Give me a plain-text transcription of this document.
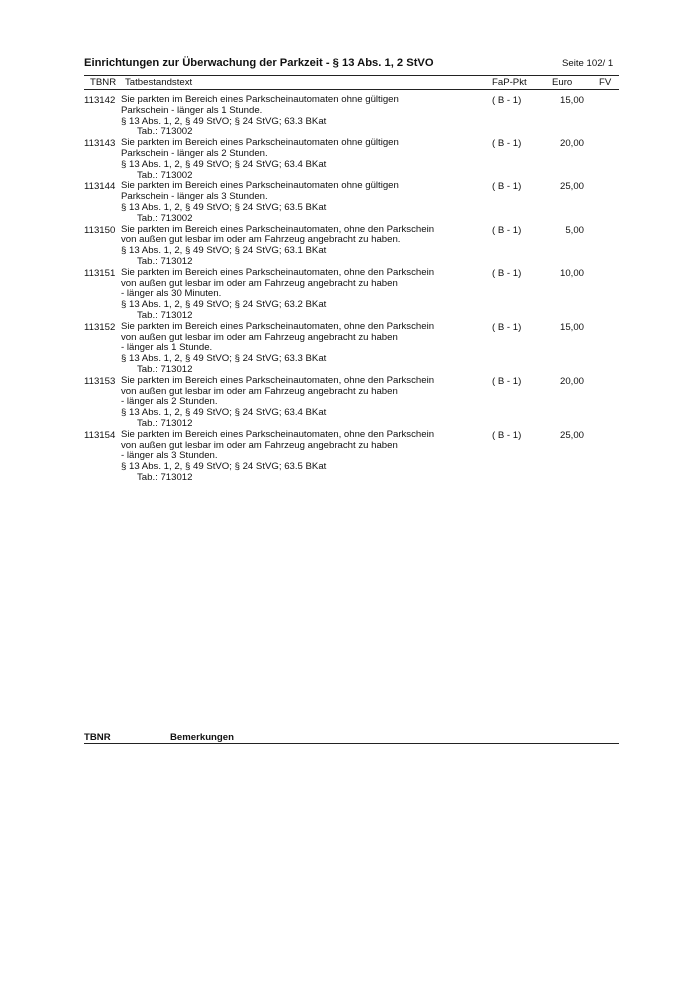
Einrichtungen zur Überwachung der Parkzeit - § 13 Abs. 1, 2 StVO	Seite 102/ 1
TBNR Tatbestandstext	FaP-Pkt	Euro	FV
113142 Sie parkten im Bereich eines Parkscheinautomaten ohne gültigen
Parkschein - länger als 1 Stunde.
§ 13 Abs. 1, 2, § 49 StVO; § 24 StVG; 63.3 BKat
Tab.: 713002
( B - 1)	15,00
113143 Sie parkten im Bereich eines Parkscheinautomaten ohne gültigen
Parkschein - länger als 2 Stunden.
§ 13 Abs. 1, 2, § 49 StVO; § 24 StVG; 63.4 BKat
Tab.: 713002
( B - 1)	20,00
113144 Sie parkten im Bereich eines Parkscheinautomaten ohne gültigen
Parkschein - länger als 3 Stunden.
§ 13 Abs. 1, 2, § 49 StVO; § 24 StVG; 63.5 BKat
Tab.: 713002
( B - 1)	25,00
113150 Sie parkten im Bereich eines Parkscheinautomaten, ohne den Parkschein
von außen gut lesbar im oder am Fahrzeug angebracht zu haben.
§ 13 Abs. 1, 2, § 49 StVO; § 24 StVG; 63.1 BKat
Tab.: 713012
( B - 1)	5,00
113151 Sie parkten im Bereich eines Parkscheinautomaten, ohne den Parkschein
von außen gut lesbar im oder am Fahrzeug angebracht zu haben
- länger als 30 Minuten.
§ 13 Abs. 1, 2, § 49 StVO; § 24 StVG; 63.2 BKat
Tab.: 713012
( B - 1)	10,00
113152 Sie parkten im Bereich eines Parkscheinautomaten, ohne den Parkschein
von außen gut lesbar im oder am Fahrzeug angebracht zu haben
- länger als 1 Stunde.
§ 13 Abs. 1, 2, § 49 StVO; § 24 StVG; 63.3 BKat
Tab.: 713012
( B - 1)	15,00
113153 Sie parkten im Bereich eines Parkscheinautomaten, ohne den Parkschein
von außen gut lesbar im oder am Fahrzeug angebracht zu haben
- länger als 2 Stunden.
§ 13 Abs. 1, 2, § 49 StVO; § 24 StVG; 63.4 BKat
Tab.: 713012
( B - 1)	20,00
113154 Sie parkten im Bereich eines Parkscheinautomaten, ohne den Parkschein
von außen gut lesbar im oder am Fahrzeug angebracht zu haben
- länger als 3 Stunden.
§ 13 Abs. 1, 2, § 49 StVO; § 24 StVG; 63.5 BKat
Tab.: 713012
( B - 1)	25,00
TBNR	Bemerkungen
